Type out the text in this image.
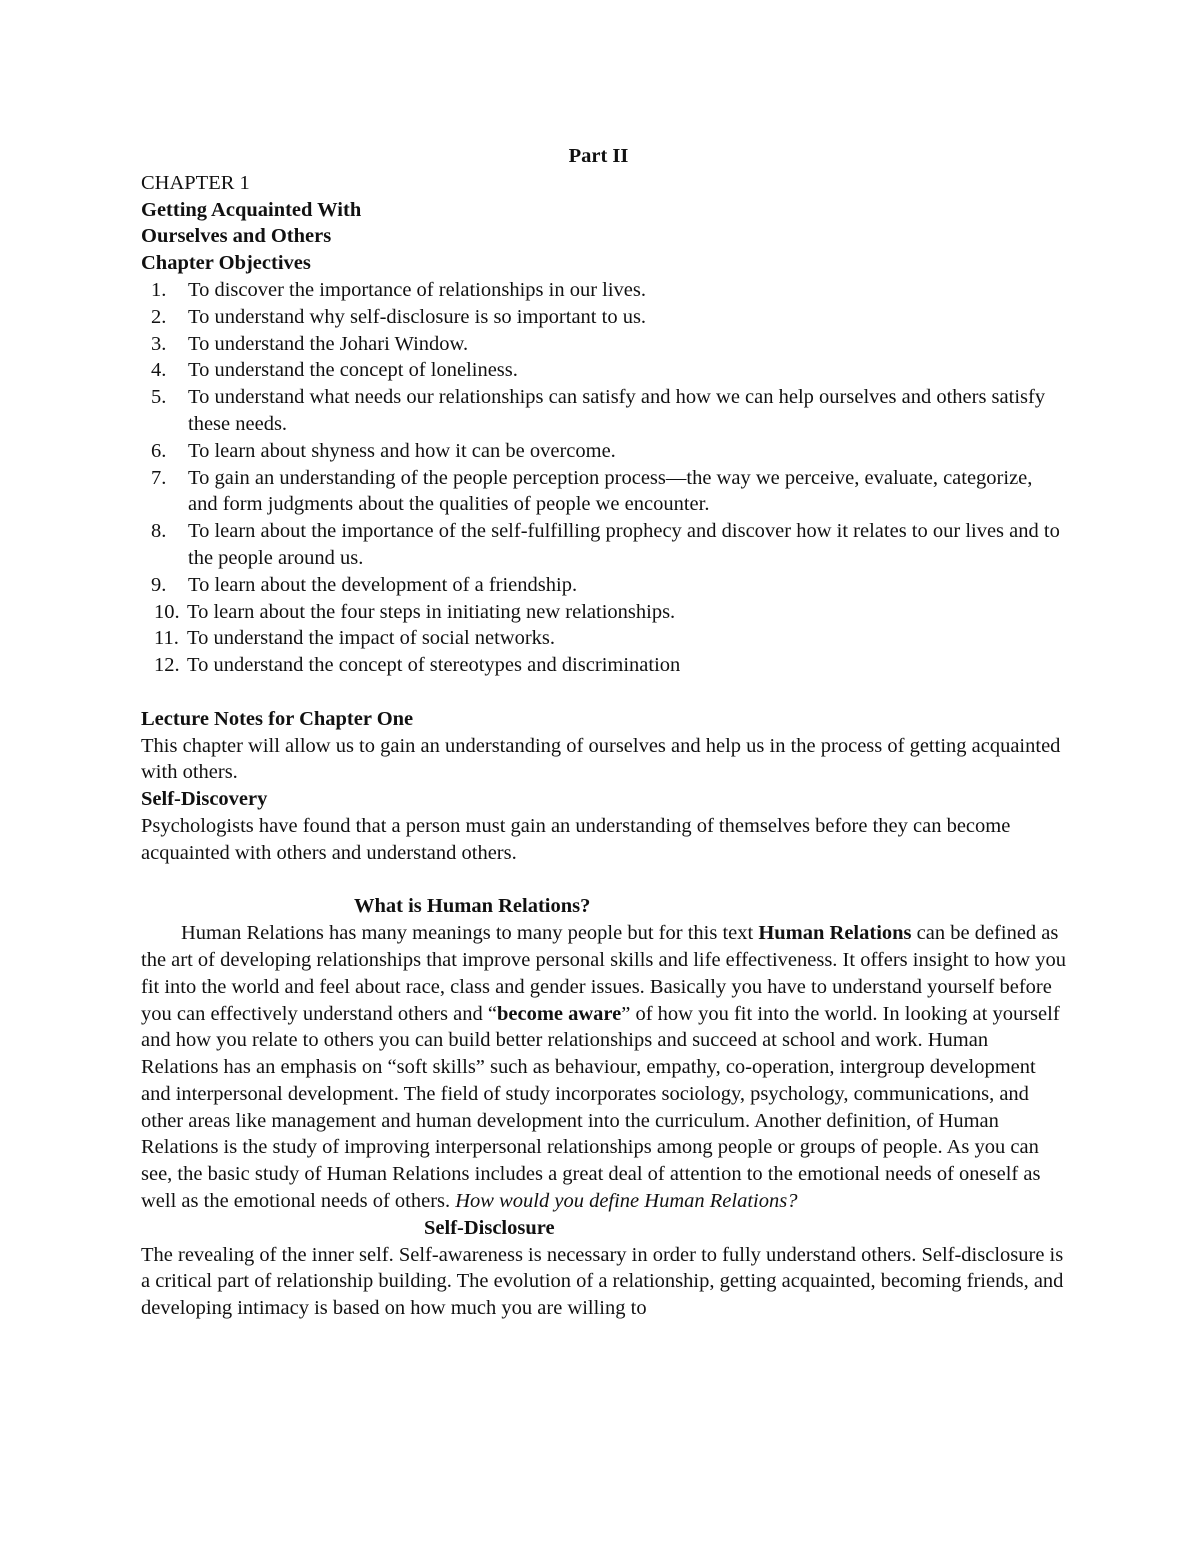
Part II
CHAPTER 1
Getting Acquainted With
Ourselves and Others
Chapter Objectives
1.	To discover the importance of relationships in our lives.
2.	To understand why self-disclosure is so important to us.
3.	To understand the Johari Window.
4.	To understand the concept of loneliness.
5.	To understand what needs our relationships can satisfy and how we can help ourselves and others satisfy these needs.
6.	To learn about shyness and how it can be overcome.
7.	To gain an understanding of the people perception process—the way we perceive, evaluate, categorize, and form judgments about the qualities of people we encounter.
8.	To learn about the importance of the self-fulfilling prophecy and discover how it relates to our lives and to the people around us.
9.	To learn about the development of a friendship.
10. To learn about the four steps in initiating new relationships.
11. To understand the impact of social networks.
12. To understand the concept of stereotypes and discrimination
Lecture Notes for Chapter One

This chapter will allow us to gain an understanding of ourselves and help us in the process of getting acquainted with others.

Self-Discovery

Psychologists have found that a person must gain an understanding of themselves before they can become acquainted with others and understand others.

What is Human Relations?

Human Relations has many meanings to many people but for this text Human Relations can be defined as the art of developing relationships that improve personal skills and life effectiveness. It offers insight to how you fit into the world and feel about race, class and gender issues. Basically you have to understand yourself before you can effectively understand others and “become aware” of how you fit into the world. In looking at yourself and how you relate to others you can build better relationships and succeed at school and work. Human Relations has an emphasis on “soft skills” such as behaviour, empathy, co-operation, intergroup development and interpersonal development. The field of study incorporates sociology, psychology, communications, and other areas like management and human development into the curriculum. Another definition, of Human Relations is the study of improving interpersonal relationships among people or groups of people. As you can see, the basic study of Human Relations includes a great deal of attention to the emotional needs of oneself as well as the emotional needs of others. How would you define Human Relations?

Self-Disclosure

The revealing of the inner self. Self-awareness is necessary in order to fully understand others. Self-disclosure is a critical part of relationship building. The evolution of a relationship, getting acquainted, becoming friends, and developing intimacy is based on how much you are willing to
